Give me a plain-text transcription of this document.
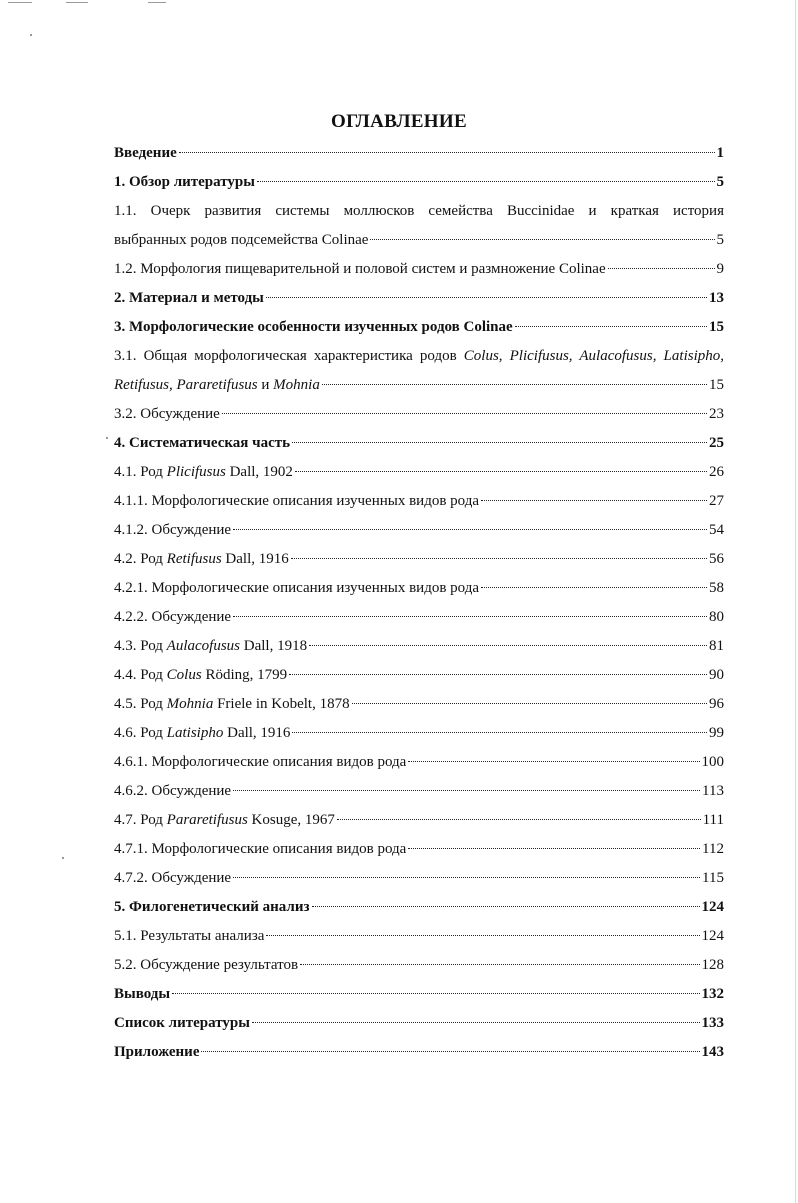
ОГЛАВЛЕНИЕ
Введение	1
1. Обзор литературы	5
1.1. Очерк развития системы моллюсков семейства Buccinidae и краткая история
выбранных родов подсемейства Colinae	5
1.2. Морфология пищеварительной и половой систем и размножение Colinae	9
2. Материал и методы	13
3. Морфологические особенности изученных родов Colinae	15
3.1. Общая морфологическая характеристика родов Colus, Plicifusus, Aulacofusus, Latisipho,
Retifusus, Pararetifusus и Mohnia	15
3.2. Обсуждение	23
4. Систематическая часть	25
4.1. Род Plicifusus Dall, 1902	26
4.1.1. Морфологические описания изученных видов рода	27
4.1.2. Обсуждение	54
4.2. Род Retifusus Dall, 1916	56
4.2.1. Морфологические описания изученных видов рода	58
4.2.2. Обсуждение	80
4.3. Род Aulacofusus Dall, 1918	81
4.4. Род Colus Röding, 1799	90
4.5. Род Mohnia Friele in Kobelt, 1878	96
4.6. Род Latisipho Dall, 1916	99
4.6.1. Морфологические описания видов рода	100
4.6.2. Обсуждение	113
4.7. Род Pararetifusus Kosuge, 1967	111
4.7.1. Морфологические описания видов рода	112
4.7.2. Обсуждение	115
5. Филогенетический анализ	124
5.1. Результаты анализа	124
5.2. Обсуждение результатов	128
Выводы	132
Список литературы	133
Приложение	143
